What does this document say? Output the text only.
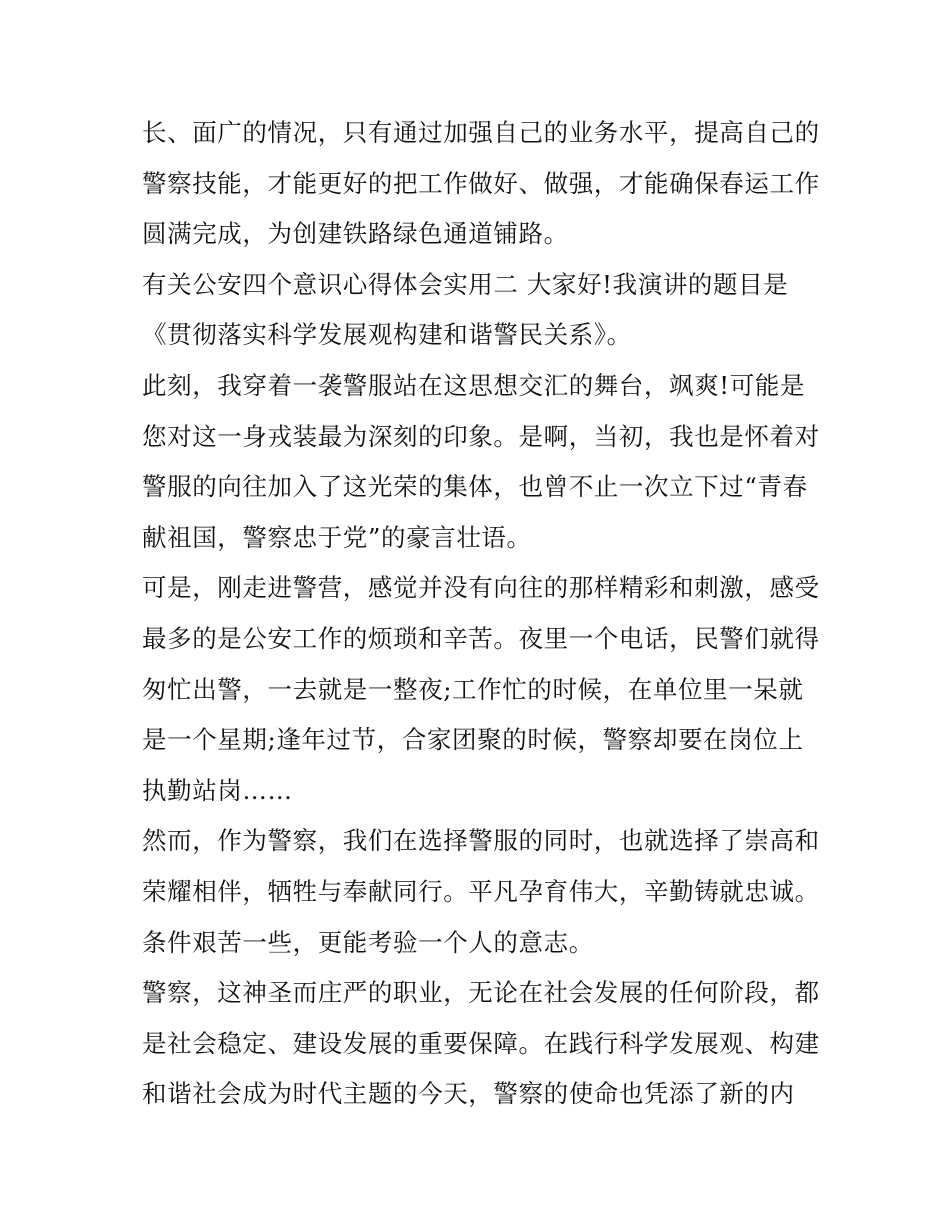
长、面广的情况，只有通过加强自己的业务水平，提高自己的
警察技能，才能更好的把工作做好、做强，才能确保春运工作
圆满完成，为创建铁路绿色通道铺路。
有关公安四个意识心得体会实用二 大家好!我演讲的题目是
《贯彻落实科学发展观构建和谐警民关系》。
此刻，我穿着一袭警服站在这思想交汇的舞台，飒爽!可能是
您对这一身戎装最为深刻的印象。是啊，当初，我也是怀着对
警服的向往加入了这光荣的集体，也曾不止一次立下过“青春
献祖国，警察忠于党”的豪言壮语。
可是，刚走进警营，感觉并没有向往的那样精彩和刺激，感受
最多的是公安工作的烦琐和辛苦。夜里一个电话，民警们就得
匆忙出警，一去就是一整夜;工作忙的时候，在单位里一呆就
是一个星期;逢年过节，合家团聚的时候，警察却要在岗位上
执勤站岗……
然而，作为警察，我们在选择警服的同时，也就选择了崇高和
荣耀相伴，牺牲与奉献同行。平凡孕育伟大，辛勤铸就忠诚。
条件艰苦一些，更能考验一个人的意志。
警察，这神圣而庄严的职业，无论在社会发展的任何阶段，都
是社会稳定、建设发展的重要保障。在践行科学发展观、构建
和谐社会成为时代主题的今天，警察的使命也凭添了新的内
